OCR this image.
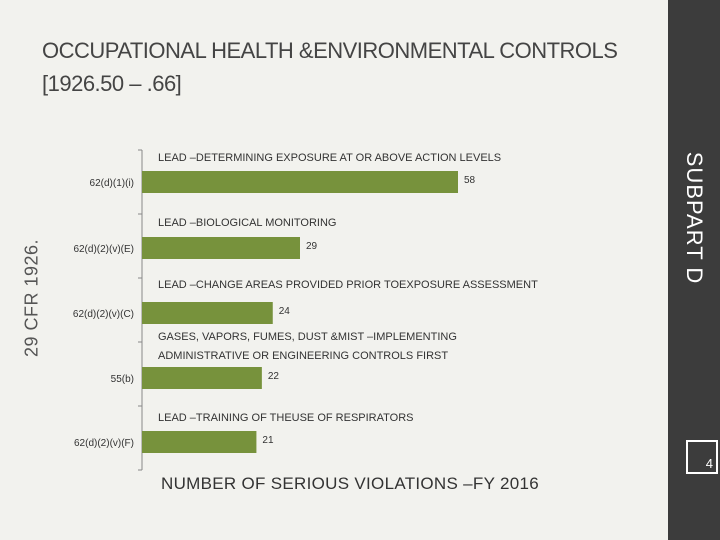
OCCUPATIONAL HEALTH &ENVIRONMENTAL CONTROLS
[1926.50 – .66]
SUBPART D
4
29 CFR 1926.
62(d)(1)(i)	58
LEAD –DETERMINING EXPOSURE AT OR ABOVE ACTION LEVELS
62(d)(2)(v)(E)	29
LEAD –BIOLOGICAL MONITORING
62(d)(2)(v)(C)	24
LEAD –CHANGE AREAS PROVIDED PRIOR TOEXPOSURE ASSESSMENT
55(b)	22
GASES, VAPORS, FUMES, DUST &MIST –IMPLEMENTING
ADMINISTRATIVE OR ENGINEERING CONTROLS FIRST
62(d)(2)(v)(F)	21
LEAD –TRAINING OF THEUSE OF RESPIRATORS
NUMBER OF SERIOUS VIOLATIONS –FY 2016
